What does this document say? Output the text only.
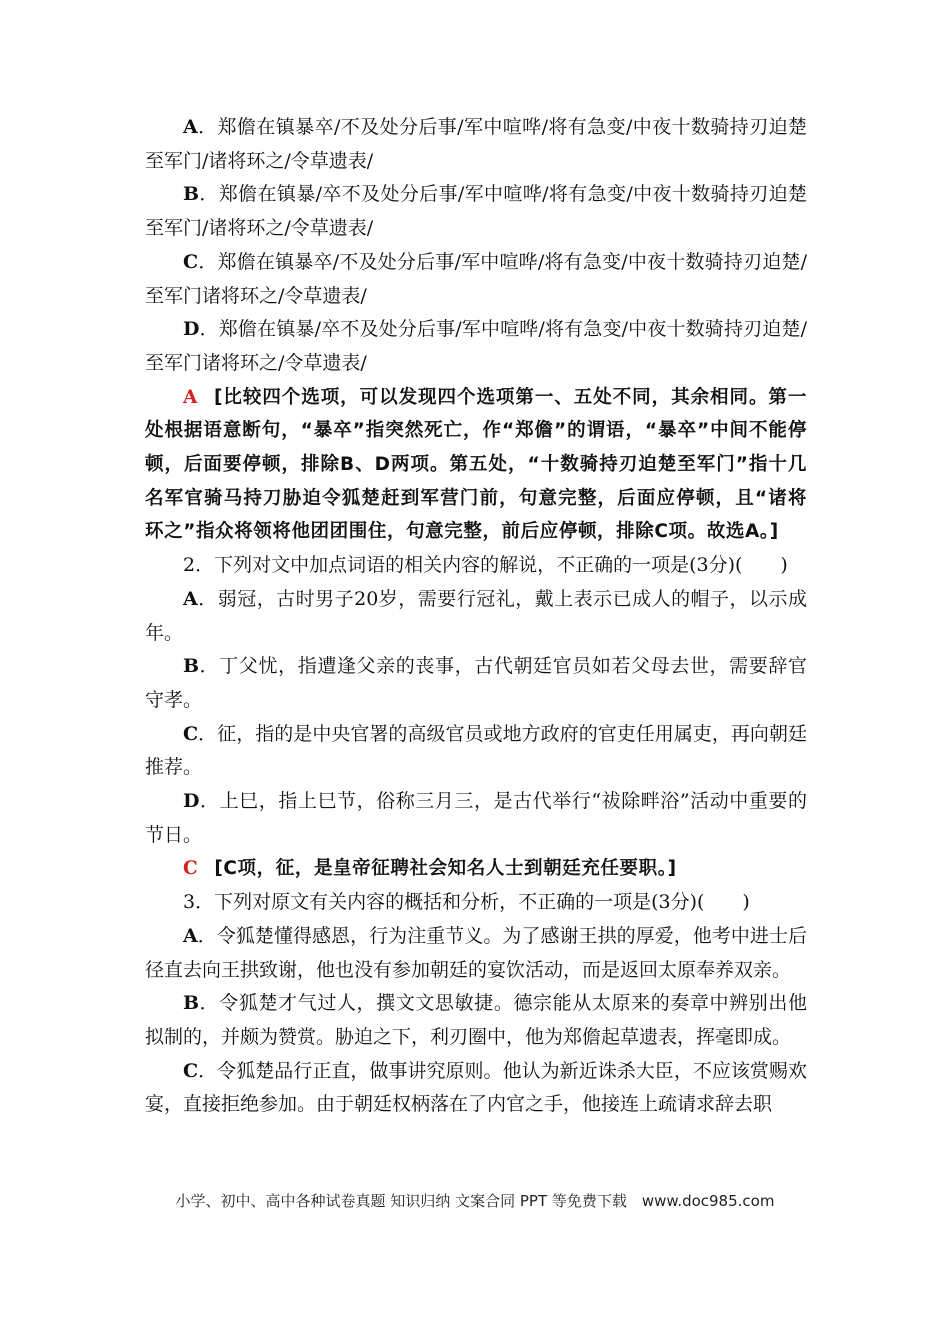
A．郑儋在镇暴卒/不及处分后事/军中喧哗/将有急变/中夜十数骑持刃迫楚至军门/诸将环之/令草遗表/

B．郑儋在镇暴/卒不及处分后事/军中喧哗/将有急变/中夜十数骑持刃迫楚至军门/诸将环之/令草遗表/

C．郑儋在镇暴卒/不及处分后事/军中喧哗/将有急变/中夜十数骑持刃迫楚/至军门诸将环之/令草遗表/

D．郑儋在镇暴/卒不及处分后事/军中喧哗/将有急变/中夜十数骑持刃迫楚/至军门诸将环之/令草遗表/

A [比较四个选项，可以发现四个选项第一、五处不同，其余相同。第一处根据语意断句，“暴卒”指突然死亡，作“郑儋”的谓语，“暴卒”中间不能停顿，后面要停顿，排除B、D两项。第五处，“十数骑持刃迫楚至军门”指十几名军官骑马持刀胁迫令狐楚赶到军营门前，句意完整，后面应停顿，且“诸将环之”指众将领将他团团围住，句意完整，前后应停顿，排除C项。故选A。]

2．下列对文中加点词语的相关内容的解说，不正确的一项是(3分)(　　)

A．弱冠，古时男子20岁，需要行冠礼，戴上表示已成人的帽子，以示成年。

B．丁父忧，指遭逢父亲的丧事，古代朝廷官员如若父母去世，需要辞官守孝。

C．征，指的是中央官署的高级官员或地方政府的官吏任用属吏，再向朝廷推荐。

D．上巳，指上巳节，俗称三月三，是古代举行“祓除畔浴”活动中重要的节日。

C [C项，征，是皇帝征聘社会知名人士到朝廷充任要职。]

3．下列对原文有关内容的概括和分析，不正确的一项是(3分)(　　)

A．令狐楚懂得感恩，行为注重节义。为了感谢王拱的厚爱，他考中进士后径直去向王拱致谢，他也没有参加朝廷的宴饮活动，而是返回太原奉养双亲。

B．令狐楚才气过人，撰文文思敏捷。德宗能从太原来的奏章中辨别出他拟制的，并颇为赞赏。胁迫之下，利刃圈中，他为郑儋起草遗表，挥毫即成。

C．令狐楚品行正直，做事讲究原则。他认为新近诛杀大臣，不应该赏赐欢宴，直接拒绝参加。由于朝廷权柄落在了内官之手，他接连上疏请求辞去职

小学、初中、高中各种试卷真题 知识归纳 文案合同 PPT 等免费下载　www.doc985.com
